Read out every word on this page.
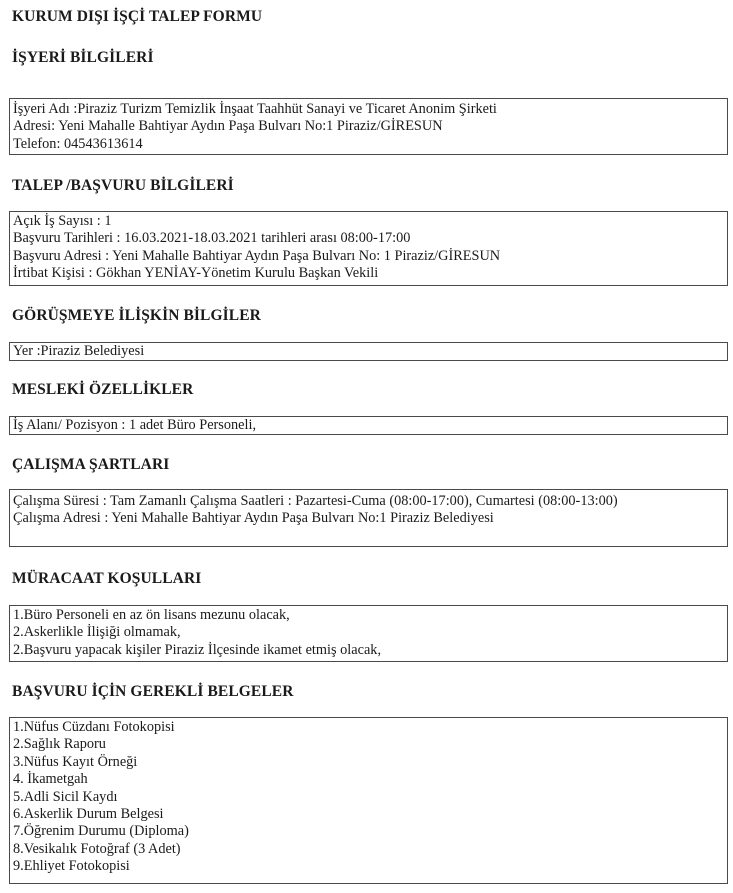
KURUM DIŞI İŞÇİ TALEP FORMU
İŞYERİ BİLGİLERİ
İşyeri Adı :Piraziz Turizm Temizlik İnşaat Taahhüt Sanayi ve Ticaret Anonim Şirketi
Adresi: Yeni Mahalle Bahtiyar Aydın Paşa Bulvarı No:1 Piraziz/GİRESUN
Telefon: 04543613614
TALEP /BAŞVURU BİLGİLERİ
Açık İş Sayısı : 1
Başvuru Tarihleri : 16.03.2021-18.03.2021 tarihleri arası 08:00-17:00
Başvuru Adresi : Yeni Mahalle Bahtiyar Aydın Paşa Bulvarı No: 1 Piraziz/GİRESUN
İrtibat Kişisi : Gökhan YENİAY-Yönetim Kurulu Başkan Vekili
GÖRÜŞMEYE İLİŞKİN BİLGİLER
Yer :Piraziz Belediyesi
MESLEKİ ÖZELLİKLER
İş Alanı/ Pozisyon : 1 adet Büro Personeli,
ÇALIŞMA ŞARTLARI
Çalışma Süresi : Tam Zamanlı Çalışma Saatleri : Pazartesi-Cuma (08:00-17:00), Cumartesi (08:00-13:00)
Çalışma Adresi : Yeni Mahalle Bahtiyar Aydın Paşa Bulvarı No:1 Piraziz Belediyesi
MÜRACAAT KOŞULLARI
1.Büro Personeli en az ön lisans mezunu olacak,
2.Askerlikle İlişiği olmamak,
2.Başvuru yapacak kişiler Piraziz İlçesinde ikamet etmiş olacak,
BAŞVURU İÇİN GEREKLİ BELGELER
1.Nüfus Cüzdanı Fotokopisi
2.Sağlık Raporu
3.Nüfus Kayıt Örneği
4. İkametgah
5.Adli Sicil Kaydı
6.Askerlik Durum Belgesi
7.Öğrenim Durumu (Diploma)
8.Vesikalık Fotoğraf (3 Adet)
9.Ehliyet Fotokopisi
